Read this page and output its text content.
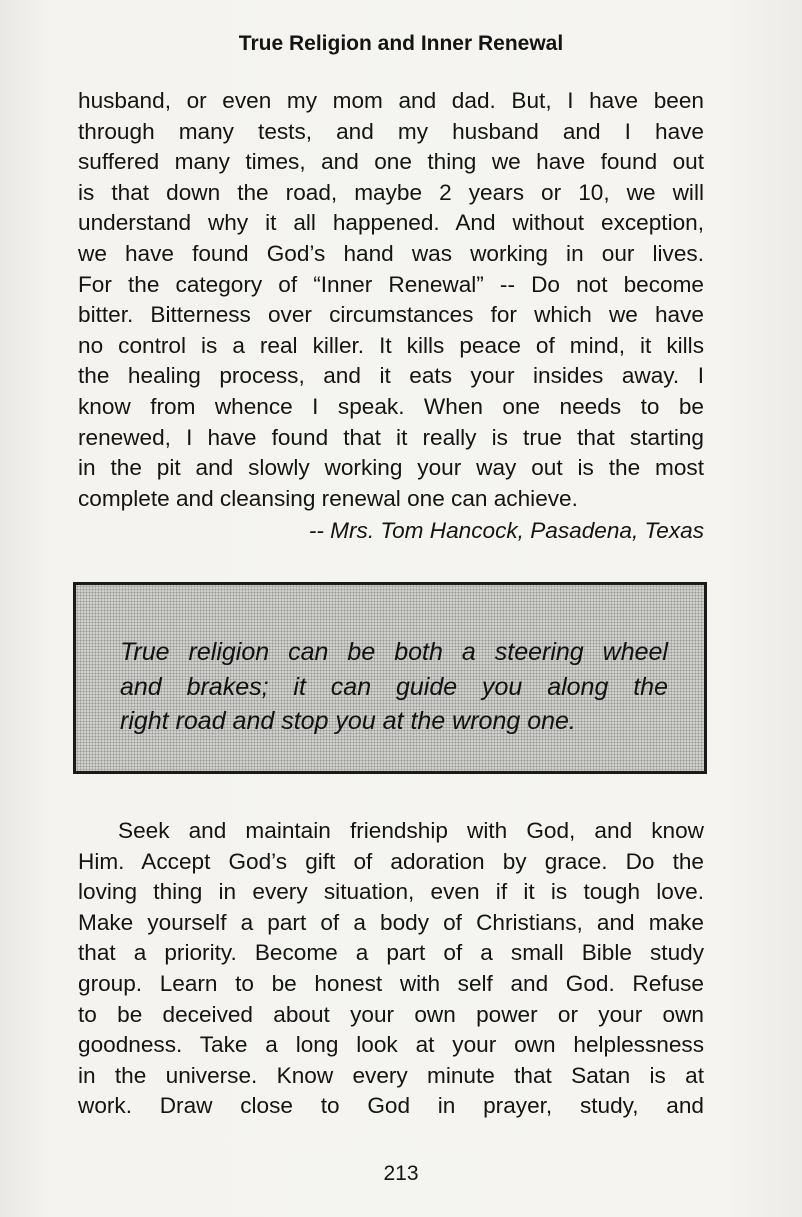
True Religion and Inner Renewal

husband, or even my mom and dad. But, I have been
through many tests, and my husband and I have
suffered many times, and one thing we have found out
is that down the road, maybe 2 years or 10, we will
understand why it all happened. And without exception,
we have found God’s hand was working in our lives.
For the category of “Inner Renewal” -- Do not become
bitter. Bitterness over circumstances for which we have
no control is a real killer. It kills peace of mind, it kills
the healing process, and it eats your insides away. I
know from whence I speak. When one needs to be
renewed, I have found that it really is true that starting
in the pit and slowly working your way out is the most
complete and cleansing renewal one can achieve.

-- Mrs. Tom Hancock, Pasadena, Texas

True religion can be both a steering wheel
and brakes; it can guide you along the
right road and stop you at the wrong one.

Seek and maintain friendship with God, and know
Him. Accept God’s gift of adoration by grace. Do the
loving thing in every situation, even if it is tough love.
Make yourself a part of a body of Christians, and make
that a priority. Become a part of a small Bible study
group. Learn to be honest with self and God. Refuse
to be deceived about your own power or your own
goodness. Take a long look at your own helplessness
in the universe. Know every minute that Satan is at
work. Draw close to God in prayer, study, and

213
